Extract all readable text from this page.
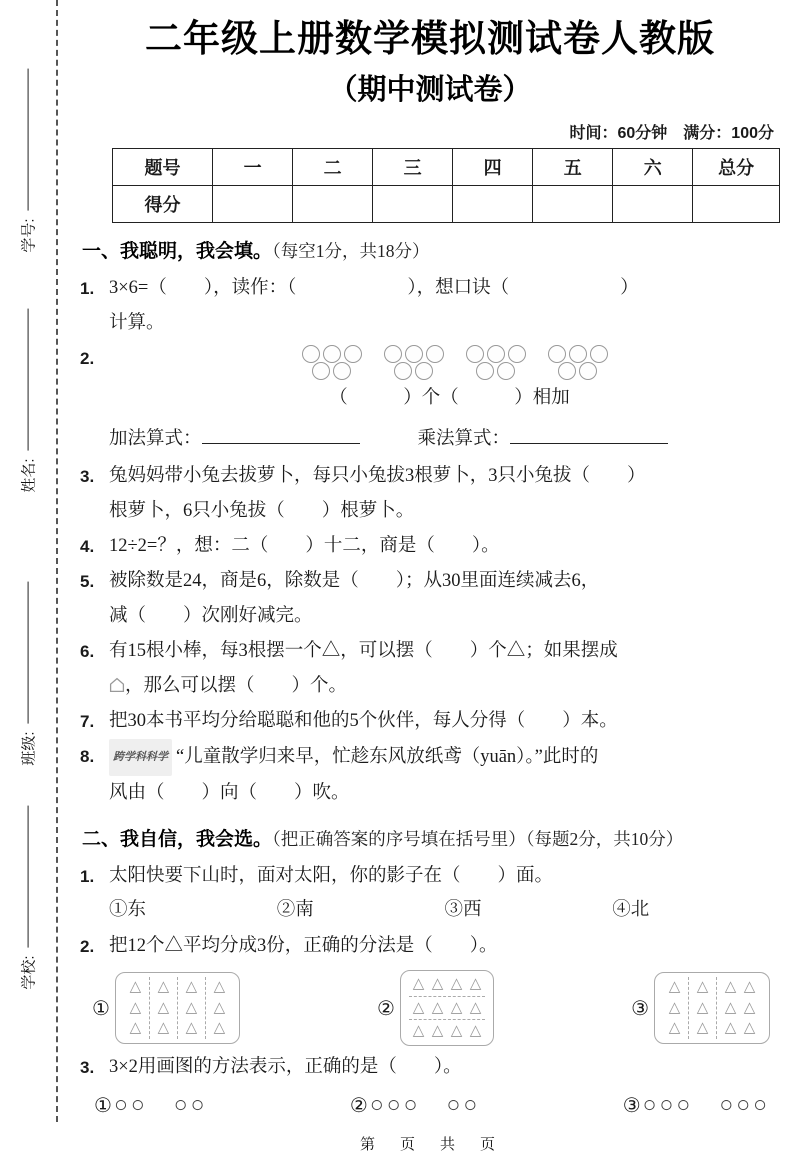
学号:
姓名:
班级:
学校:
二年级上册数学模拟测试卷人教版
（期中测试卷）
时间：60分钟　满分：100分
题号	一	二	三	四	五	六	总分
得分							
一、我聪明，我会填。（每空1分，共18分）
1. 3×6=（　　），读作：（　　　　　　），想口诀（　　　　　　）
计算。
2.
（　　　）个（　　　）相加
加法算式：	乘法算式：
3. 兔妈妈带小兔去拔萝卜，每只小兔拔3根萝卜，3只小兔拔（　　）
根萝卜，6只小兔拔（　　）根萝卜。
4. 12÷2=？，想：二（　　）十二，商是（　　）。
5. 被除数是24，商是6，除数是（　　）；从30里面连续减去6，
减（　　）次刚好减完。
6. 有15根小棒，每3根摆一个△，可以摆（　　）个△；如果摆成
，那么可以摆（　　）个。
7. 把30本书平均分给聪聪和他的5个伙伴，每人分得（　　）本。
8.	跨学科科学 “儿童散学归来早，忙趁东风放纸鸢（yuān）。”此时的
风由（　　）向（　　）吹。
二、我自信，我会选。（把正确答案的序号填在括号里）（每题2分，共10分）
1. 太阳快要下山时，面对太阳，你的影子在（　　）面。
①东	②南	③西	④北
2. 把12个△平均分成3份，正确的分法是（　　）。
①
△
△
△
△
△
△
△
△
△
△
△
△
②
△ △ △ △
△ △ △ △
△ △ △ △
③
△
△
△
△
△
△
△ △
△ △
△ △
3. 3×2用画图的方法表示，正确的是（　　）。
① ○○　○○	② ○○○　○○	③ ○○○　○○○
第　页　共　页
